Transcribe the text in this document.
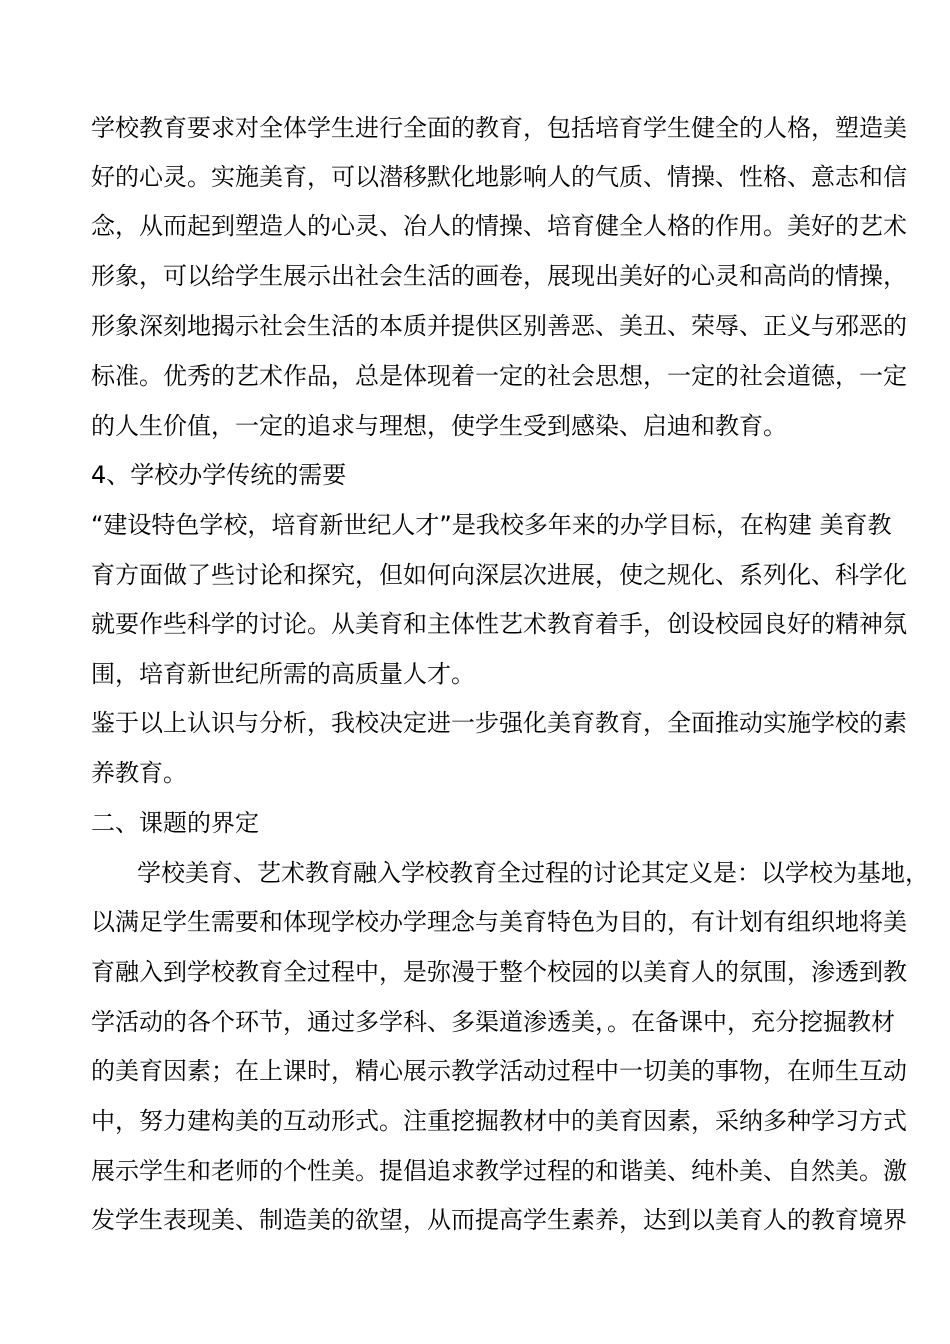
学校教育要求对全体学生进行全面的教育，包括培育学生健全的人格，塑造美
好的心灵。实施美育，可以潜移默化地影响人的气质、情操、性格、意志和信
念，从而起到塑造人的心灵、冶人的情操、培育健全人格的作用。美好的艺术
形象，可以给学生展示出社会生活的画卷，展现出美好的心灵和高尚的情操，
形象深刻地揭示社会生活的本质并提供区别善恶、美丑、荣辱、正义与邪恶的
标准。优秀的艺术作品，总是体现着一定的社会思想，一定的社会道德，一定
的人生价值，一定的追求与理想，使学生受到感染、启迪和教育。
4、学校办学传统的需要
“建设特色学校，培育新世纪人才”是我校多年来的办学目标，在构建 美育教
育方面做了些讨论和探究，但如何向深层次进展，使之规化、系列化、科学化
就要作些科学的讨论。从美育和主体性艺术教育着手，创设校园良好的精神氛
围，培育新世纪所需的高质量人才。
鉴于以上认识与分析，我校决定进一步强化美育教育，全面推动实施学校的素
养教育。
二、课题的界定
学校美育、艺术教育融入学校教育全过程的讨论其定义是：以学校为基地，
以满足学生需要和体现学校办学理念与美育特色为目的，有计划有组织地将美
育融入到学校教育全过程中，是弥漫于整个校园的以美育人的氛围，渗透到教
学活动的各个环节，通过多学科、多渠道渗透美，。在备课中，充分挖掘教材
的美育因素；在上课时，精心展示教学活动过程中一切美的事物，在师生互动
中，努力建构美的互动形式。注重挖掘教材中的美育因素，采纳多种学习方式
展示学生和老师的个性美。提倡追求教学过程的和谐美、纯朴美、自然美。激
发学生表现美、制造美的欲望，从而提高学生素养，达到以美育人的教育境界
